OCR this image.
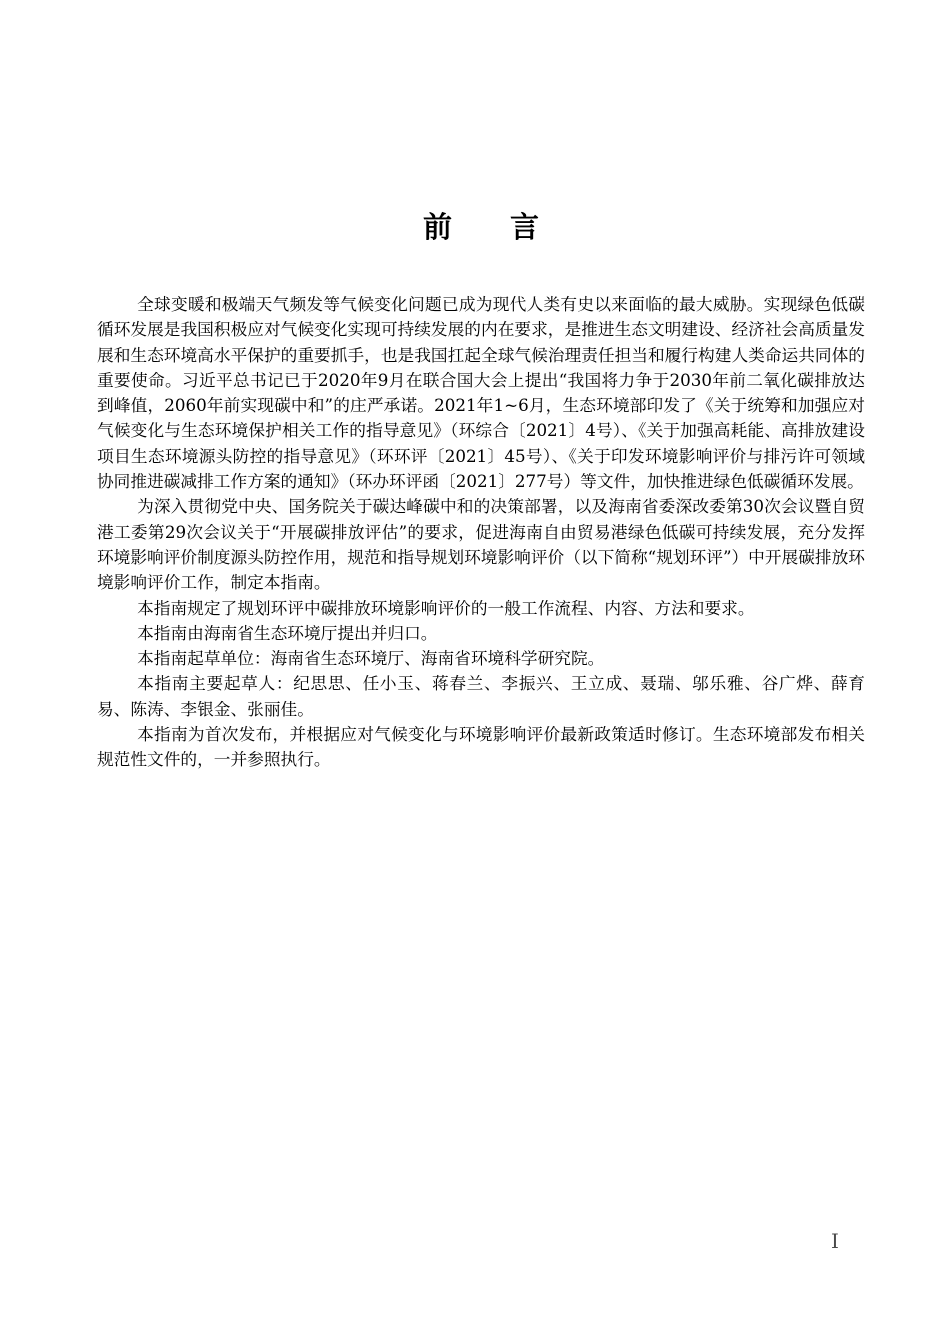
前　　言

全球变暖和极端天气频发等气候变化问题已成为现代人类有史以来面临的最大威胁。实现绿色低碳循环发展是我国积极应对气候变化实现可持续发展的内在要求，是推进生态文明建设、经济社会高质量发展和生态环境高水平保护的重要抓手，也是我国扛起全球气候治理责任担当和履行构建人类命运共同体的重要使命。习近平总书记已于2020年9月在联合国大会上提出“我国将力争于2030年前二氧化碳排放达到峰值，2060年前实现碳中和”的庄严承诺。2021年1~6月，生态环境部印发了《关于统筹和加强应对气候变化与生态环境保护相关工作的指导意见》（环综合〔2021〕4号）、《关于加强高耗能、高排放建设项目生态环境源头防控的指导意见》（环环评〔2021〕45号）、《关于印发环境影响评价与排污许可领域协同推进碳减排工作方案的通知》（环办环评函〔2021〕277号）等文件，加快推进绿色低碳循环发展。

为深入贯彻党中央、国务院关于碳达峰碳中和的决策部署，以及海南省委深改委第30次会议暨自贸港工委第29次会议关于“开展碳排放评估”的要求，促进海南自由贸易港绿色低碳可持续发展，充分发挥环境影响评价制度源头防控作用，规范和指导规划环境影响评价（以下简称“规划环评”）中开展碳排放环境影响评价工作，制定本指南。

本指南规定了规划环评中碳排放环境影响评价的一般工作流程、内容、方法和要求。

本指南由海南省生态环境厅提出并归口。

本指南起草单位：海南省生态环境厅、海南省环境科学研究院。

本指南主要起草人：纪思思、任小玉、蒋春兰、李振兴、王立成、聂瑞、邬乐雅、谷广烨、薛育易、陈涛、李银金、张丽佳。

本指南为首次发布，并根据应对气候变化与环境影响评价最新政策适时修订。生态环境部发布相关规范性文件的，一并参照执行。

I
